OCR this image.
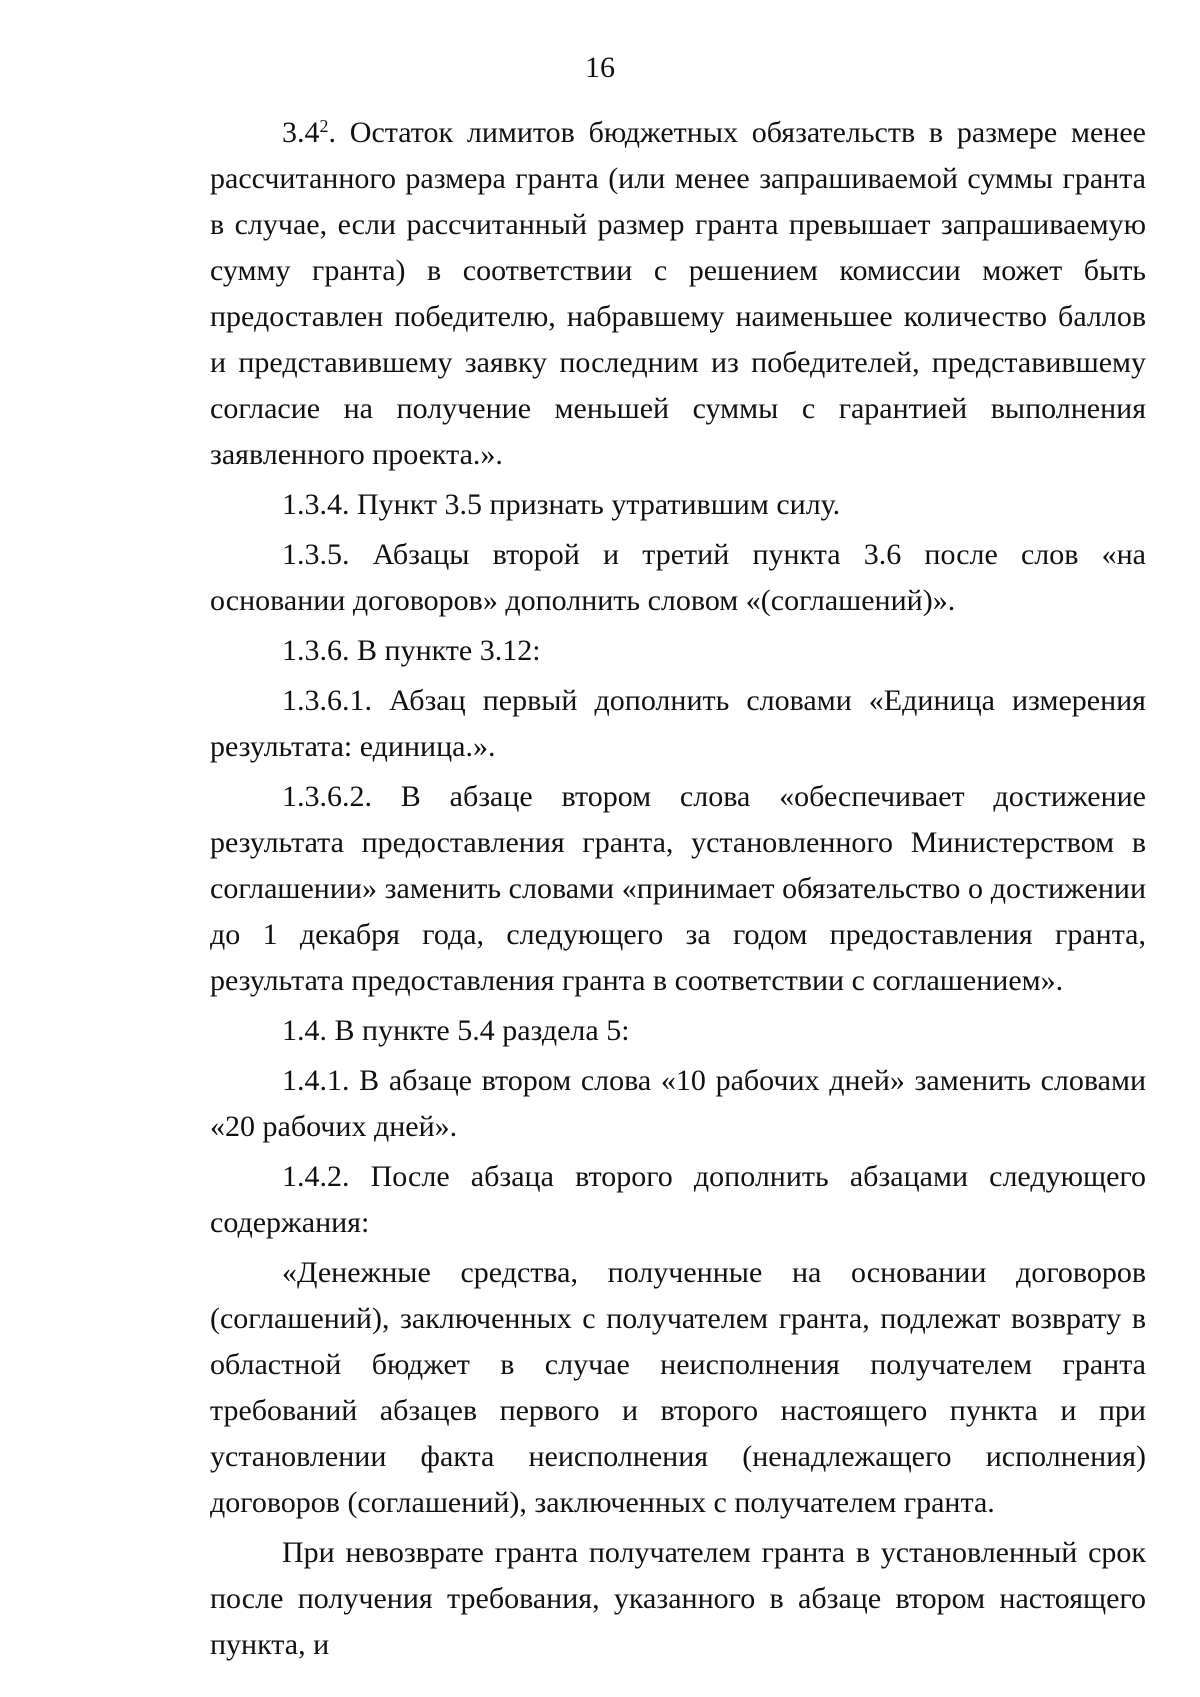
16

$3.4^2$. Остаток лимитов бюджетных обязательств в размере менее рассчитанного размера гранта (или менее запрашиваемой суммы гранта в случае, если рассчитанный размер гранта превышает запрашиваемую сумму гранта) в соответствии с решением комиссии может быть предоставлен победителю, набравшему наименьшее количество баллов и представившему заявку последним из победителей, представившему согласие на получение меньшей суммы с гарантией выполнения заявленного проекта.».

1.3.4. Пункт 3.5 признать утратившим силу.

1.3.5. Абзацы второй и третий пункта 3.6 после слов «на основании договоров» дополнить словом «(соглашений)».

1.3.6. В пункте 3.12:

1.3.6.1. Абзац первый дополнить словами «Единица измерения результата: единица.».

1.3.6.2. В абзаце втором слова «обеспечивает достижение результата предоставления гранта, установленного Министерством в соглашении» заменить словами «принимает обязательство о достижении до 1 декабря года, следующего за годом предоставления гранта, результата предоставления гранта в соответствии с соглашением».

1.4. В пункте 5.4 раздела 5:

1.4.1. В абзаце втором слова «10 рабочих дней» заменить словами «20 рабочих дней».

1.4.2. После абзаца второго дополнить абзацами следующего содержания:

«Денежные средства, полученные на основании договоров (соглашений), заключенных с получателем гранта, подлежат возврату в областной бюджет в случае неисполнения получателем гранта требований абзацев первого и второго настоящего пункта и при установлении факта неисполнения (ненадлежащего исполнения) договоров (соглашений), заключенных с получателем гранта.

При невозврате гранта получателем гранта в установленный срок после получения требования, указанного в абзаце втором настоящего пункта, и
